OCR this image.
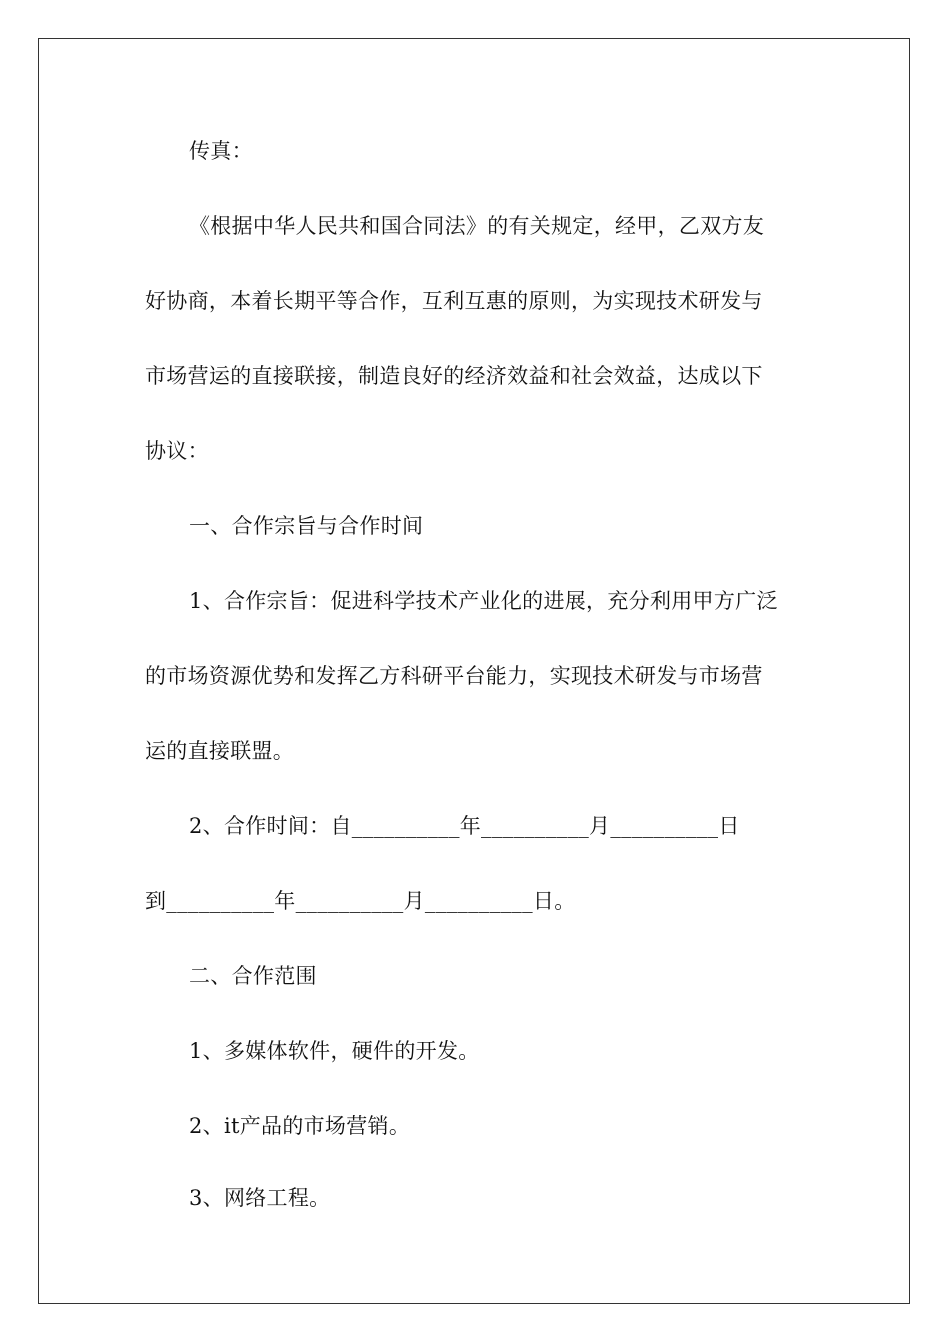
传真：
《根据中华人民共和国合同法》的有关规定，经甲，乙双方友
好协商，本着长期平等合作，互利互惠的原则，为实现技术研发与
市场营运的直接联接，制造良好的经济效益和社会效益，达成以下
协议：
一、合作宗旨与合作时间
1、合作宗旨：促进科学技术产业化的进展，充分利用甲方广泛
的市场资源优势和发挥乙方科研平台能力，实现技术研发与市场营
运的直接联盟。
2、合作时间：自__________年__________月__________日
到__________年__________月__________日。
二、合作范围
1、多媒体软件，硬件的开发。
2、it产品的市场营销。
3、网络工程。
